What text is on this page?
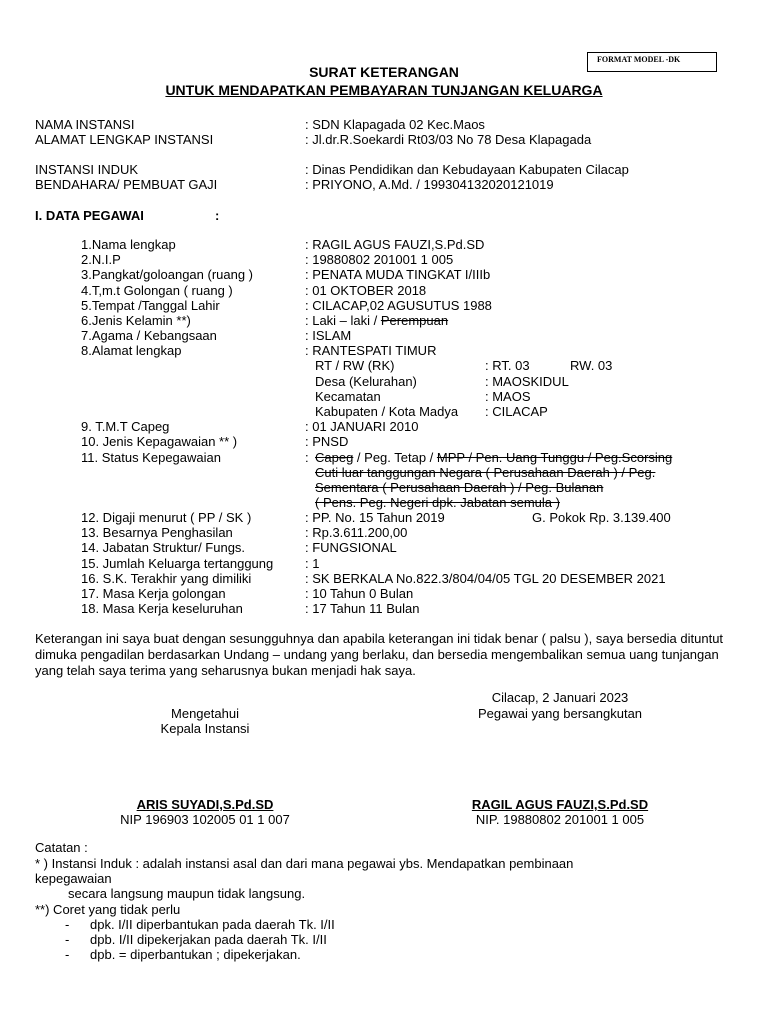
FORMAT MODEL -DK
SURAT KETERANGAN
UNTUK MENDAPATKAN PEMBAYARAN TUNJANGAN KELUARGA
NAMA INSTANSI	: SDN Klapagada 02 Kec.Maos
ALAMAT LENGKAP INSTANSI	: Jl.dr.R.Soekardi Rt03/03 No 78 Desa Klapagada
INSTANSI INDUK	: Dinas Pendidikan dan Kebudayaan Kabupaten Cilacap
BENDAHARA/ PEMBUAT GAJI	: PRIYONO, A.Md. / 199304132020121019
I. DATA PEGAWAI	:
1.Nama lengkap	: RAGIL AGUS FAUZI,S.Pd.SD
2.N.I.P	: 19880802 201001 1 005
3.Pangkat/goloangan (ruang )	: PENATA MUDA TINGKAT I/IIIb
4.T,m.t Golongan ( ruang )	: 01 OKTOBER 2018
5.Tempat /Tanggal Lahir	: CILACAP,02 AGUSUTUS 1988
6.Jenis Kelamin **)	: Laki – laki / Perempuan
7.Agama / Kebangsaan	: ISLAM
8.Alamat lengkap	: RANTESPATI TIMUR
RT / RW (RK)	: RT. 03	RW. 03
Desa (Kelurahan)	: MAOSKIDUL
Kecamatan	: MAOS
Kabupaten / Kota Madya : CILACAP
9. T.M.T Capeg	: 01 JANUARI 2010
10. Jenis Kepagawaian ** )	: PNSD
11. Status Kepegawaian	: Capeg / Peg. Tetap / MPP / Pen. Uang Tunggu / Peg.Scorsing
Cuti luar tanggungan Negara ( Perusahaan Daerah ) / Peg.
Sementara ( Perusahaan Daerah ) / Peg. Bulanan
( Pens. Peg. Negeri dpk. Jabatan semula )
12. Digaji menurut ( PP / SK )	: PP. No. 15 Tahun 2019	G. Pokok Rp. 3.139.400
13. Besarnya Penghasilan	: Rp.3.611.200,00
14. Jabatan Struktur/ Fungs.	: FUNGSIONAL
15. Jumlah Keluarga tertanggung : 1
16. S.K. Terakhir yang dimiliki	: SK BERKALA No.822.3/804/04/05 TGL 20 DESEMBER 2021
17. Masa Kerja golongan	: 10 Tahun 0 Bulan
18. Masa Kerja keseluruhan	: 17 Tahun 11 Bulan
Keterangan ini saya buat dengan sesungguhnya dan apabila keterangan ini tidak benar ( palsu ), saya bersedia dituntut dimuka pengadilan berdasarkan Undang – undang yang berlaku, dan bersedia mengembalikan semua uang tunjangan yang telah saya terima yang seharusnya bukan menjadi hak saya.
Cilacap, 2 Januari 2023
Mengetahui	Pegawai yang bersangkutan
Kepala Instansi
ARIS SUYADI,S.Pd.SD
NIP 196903 102005 01 1 007
RAGIL AGUS FAUZI,S.Pd.SD
NIP. 19880802 201001 1 005
Catatan :
* ) Instansi Induk : adalah instansi asal dan dari mana pegawai ybs. Mendapatkan pembinaan
kepegawaian
secara langsung maupun tidak langsung.
**) Coret yang tidak perlu
- dpk. I/II diperbantukan pada daerah Tk. I/II
- dpb. I/II dipekerjakan pada daerah Tk. I/II
- dpb. = diperbantukan ; dipekerjakan.
